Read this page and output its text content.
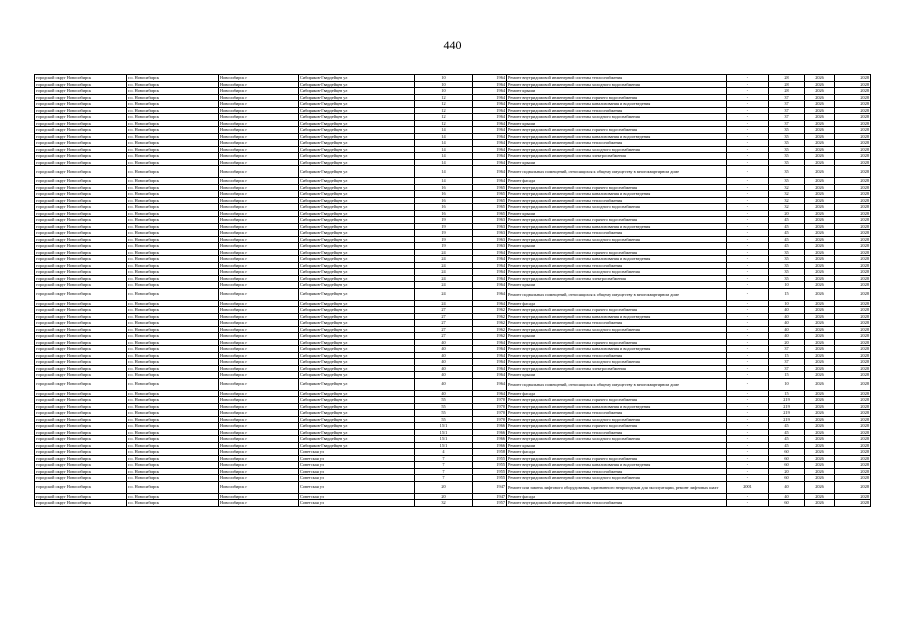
440
городской округ Новосибирск	г.о. Новосибирск	Новосибирск г	Сибиряков-Гвардейцев ул	10	1964	Ремонт внутридомовой инженерной системы теплоснабжения	-	28	2026	2028
городской округ Новосибирск	г.о. Новосибирск	Новосибирск г	Сибиряков-Гвардейцев ул	10	1964	Ремонт внутридомовой инженерной системы холодного водоснабжения	-	28	2026	2028
городской округ Новосибирск	г.о. Новосибирск	Новосибирск г	Сибиряков-Гвардейцев ул	10	1964	Ремонт крыши	-	28	2026	2028
городской округ Новосибирск	г.о. Новосибирск	Новосибирск г	Сибиряков-Гвардейцев ул	12	1964	Ремонт внутридомовой инженерной системы горячего водоснабжения	-	37	2026	2028
городской округ Новосибирск	г.о. Новосибирск	Новосибирск г	Сибиряков-Гвардейцев ул	12	1964	Ремонт внутридомовой инженерной системы канализования и водоотведения	-	37	2026	2028
городской округ Новосибирск	г.о. Новосибирск	Новосибирск г	Сибиряков-Гвардейцев ул	12	1964	Ремонт внутридомовой инженерной системы теплоснабжения	-	37	2026	2028
городской округ Новосибирск	г.о. Новосибирск	Новосибирск г	Сибиряков-Гвардейцев ул	12	1964	Ремонт внутридомовой инженерной системы холодного водоснабжения	-	37	2026	2028
городской округ Новосибирск	г.о. Новосибирск	Новосибирск г	Сибиряков-Гвардейцев ул	12	1964	Ремонт крыши	-	37	2026	2028
городской округ Новосибирск	г.о. Новосибирск	Новосибирск г	Сибиряков-Гвардейцев ул	14	1964	Ремонт внутридомовой инженерной системы горячего водоснабжения	-	35	2026	2028
городской округ Новосибирск	г.о. Новосибирск	Новосибирск г	Сибиряков-Гвардейцев ул	14	1964	Ремонт внутридомовой инженерной системы канализования и водоотведения	-	35	2026	2028
городской округ Новосибирск	г.о. Новосибирск	Новосибирск г	Сибиряков-Гвардейцев ул	14	1964	Ремонт внутридомовой инженерной системы теплоснабжения	-	35	2026	2028
городской округ Новосибирск	г.о. Новосибирск	Новосибирск г	Сибиряков-Гвардейцев ул	14	1964	Ремонт внутридомовой инженерной системы холодного водоснабжения	-	35	2026	2028
городской округ Новосибирск	г.о. Новосибирск	Новосибирск г	Сибиряков-Гвардейцев ул	14	1964	Ремонт внутридомовой инженерной системы электроснабжения	-	35	2026	2028
городской округ Новосибирск	г.о. Новосибирск	Новосибирск г	Сибиряков-Гвардейцев ул	14	1964	Ремонт крыши	-	35	2026	2028
городской округ Новосибирск	г.о. Новосибирск	Новосибирск г	Сибиряков-Гвардейцев ул	14	1964	Ремонт подвальных помещений, относящихся к общему имуществу в многоквартирном доме	-	35	2026	2028
городской округ Новосибирск	г.о. Новосибирск	Новосибирск г	Сибиряков-Гвардейцев ул	14	1964	Ремонт фасада	-	35	2026	2028
городской округ Новосибирск	г.о. Новосибирск	Новосибирск г	Сибиряков-Гвардейцев ул	16	1965	Ремонт внутридомовой инженерной системы горячего водоснабжения	-	32	2026	2028
городской округ Новосибирск	г.о. Новосибирск	Новосибирск г	Сибиряков-Гвардейцев ул	16	1965	Ремонт внутридомовой инженерной системы канализования и водоотведения	-	32	2026	2028
городской округ Новосибирск	г.о. Новосибирск	Новосибирск г	Сибиряков-Гвардейцев ул	16	1965	Ремонт внутридомовой инженерной системы теплоснабжения	-	32	2026	2028
городской округ Новосибирск	г.о. Новосибирск	Новосибирск г	Сибиряков-Гвардейцев ул	16	1965	Ремонт внутридомовой инженерной системы холодного водоснабжения	-	32	2026	2028
городской округ Новосибирск	г.о. Новосибирск	Новосибирск г	Сибиряков-Гвардейцев ул	16	1965	Ремонт крыши	-	20	2026	2028
городской округ Новосибирск	г.о. Новосибирск	Новосибирск г	Сибиряков-Гвардейцев ул	19	1963	Ремонт внутридомовой инженерной системы горячего водоснабжения	-	45	2026	2028
городской округ Новосибирск	г.о. Новосибирск	Новосибирск г	Сибиряков-Гвардейцев ул	19	1963	Ремонт внутридомовой инженерной системы канализования и водоотведения	-	45	2026	2028
городской округ Новосибирск	г.о. Новосибирск	Новосибирск г	Сибиряков-Гвардейцев ул	19	1963	Ремонт внутридомовой инженерной системы теплоснабжения	-	45	2026	2028
городской округ Новосибирск	г.о. Новосибирск	Новосибирск г	Сибиряков-Гвардейцев ул	19	1963	Ремонт внутридомовой инженерной системы холодного водоснабжения	-	45	2026	2028
городской округ Новосибирск	г.о. Новосибирск	Новосибирск г	Сибиряков-Гвардейцев ул	19	1963	Ремонт крыши	-	45	2026	2028
городской округ Новосибирск	г.о. Новосибирск	Новосибирск г	Сибиряков-Гвардейцев ул	24	1964	Ремонт внутридомовой инженерной системы горячего водоснабжения	-	35	2026	2028
городской округ Новосибирск	г.о. Новосибирск	Новосибирск г	Сибиряков-Гвардейцев ул	24	1964	Ремонт внутридомовой инженерной системы канализования и водоотведения	-	35	2026	2028
городской округ Новосибирск	г.о. Новосибирск	Новосибирск г	Сибиряков-Гвардейцев ул	24	1964	Ремонт внутридомовой инженерной системы теплоснабжения	-	35	2026	2028
городской округ Новосибирск	г.о. Новосибирск	Новосибирск г	Сибиряков-Гвардейцев ул	24	1964	Ремонт внутридомовой инженерной системы холодного водоснабжения	-	35	2026	2028
городской округ Новосибирск	г.о. Новосибирск	Новосибирск г	Сибиряков-Гвардейцев ул	24	1964	Ремонт внутридомовой инженерной системы электроснабжения	-	35	2026	2028
городской округ Новосибирск	г.о. Новосибирск	Новосибирск г	Сибиряков-Гвардейцев ул	24	1964	Ремонт крыши	-	10	2026	2028
городской округ Новосибирск	г.о. Новосибирск	Новосибирск г	Сибиряков-Гвардейцев ул	24	1964	Ремонт подвальных помещений, относящихся к общему имуществу в многоквартирном доме	-	15	2026	2028
городской округ Новосибирск	г.о. Новосибирск	Новосибирск г	Сибиряков-Гвардейцев ул	24	1964	Ремонт фасада	-	10	2026	2028
городской округ Новосибирск	г.о. Новосибирск	Новосибирск г	Сибиряков-Гвардейцев ул	27	1962	Ремонт внутридомовой инженерной системы горячего водоснабжения	-	40	2026	2028
городской округ Новосибирск	г.о. Новосибирск	Новосибирск г	Сибиряков-Гвардейцев ул	27	1962	Ремонт внутридомовой инженерной системы канализования и водоотведения	-	40	2026	2028
городской округ Новосибирск	г.о. Новосибирск	Новосибирск г	Сибиряков-Гвардейцев ул	27	1962	Ремонт внутридомовой инженерной системы теплоснабжения	-	40	2026	2028
городской округ Новосибирск	г.о. Новосибирск	Новосибирск г	Сибиряков-Гвардейцев ул	27	1962	Ремонт внутридомовой инженерной системы холодного водоснабжения	-	40	2026	2028
городской округ Новосибирск	г.о. Новосибирск	Новосибирск г	Сибиряков-Гвардейцев ул	27	1962	Ремонт крыши	-	40	2026	2028
городской округ Новосибирск	г.о. Новосибирск	Новосибирск г	Сибиряков-Гвардейцев ул	40	1964	Ремонт внутридомовой инженерной системы горячего водоснабжения	-	20	2026	2028
городской округ Новосибирск	г.о. Новосибирск	Новосибирск г	Сибиряков-Гвардейцев ул	40	1964	Ремонт внутридомовой инженерной системы канализования и водоотведения	-	37	2026	2028
городской округ Новосибирск	г.о. Новосибирск	Новосибирск г	Сибиряков-Гвардейцев ул	40	1964	Ремонт внутридомовой инженерной системы теплоснабжения	-	15	2026	2028
городской округ Новосибирск	г.о. Новосибирск	Новосибирск г	Сибиряков-Гвардейцев ул	40	1964	Ремонт внутридомовой инженерной системы холодного водоснабжения	-	37	2026	2028
городской округ Новосибирск	г.о. Новосибирск	Новосибирск г	Сибиряков-Гвардейцев ул	40	1964	Ремонт внутридомовой инженерной системы электроснабжения	-	37	2026	2028
городской округ Новосибирск	г.о. Новосибирск	Новосибирск г	Сибиряков-Гвардейцев ул	40	1964	Ремонт крыши	-	15	2026	2028
городской округ Новосибирск	г.о. Новосибирск	Новосибирск г	Сибиряков-Гвардейцев ул	40	1964	Ремонт подвальных помещений, относящихся к общему имуществу в многоквартирном доме	-	10	2026	2028
городской округ Новосибирск	г.о. Новосибирск	Новосибирск г	Сибиряков-Гвардейцев ул	40	1964	Ремонт фасада	-	15	2026	2028
городской округ Новосибирск	г.о. Новосибирск	Новосибирск г	Сибиряков-Гвардейцев ул	55	1970	Ремонт внутридомовой инженерной системы горячего водоснабжения	-	219	2026	2028
городской округ Новосибирск	г.о. Новосибирск	Новосибирск г	Сибиряков-Гвардейцев ул	55	1970	Ремонт внутридомовой инженерной системы канализования и водоотведения	-	219	2026	2028
городской округ Новосибирск	г.о. Новосибирск	Новосибирск г	Сибиряков-Гвардейцев ул	55	1970	Ремонт внутридомовой инженерной системы теплоснабжения	-	219	2026	2028
городской округ Новосибирск	г.о. Новосибирск	Новосибирск г	Сибиряков-Гвардейцев ул	55	1970	Ремонт внутридомовой инженерной системы холодного водоснабжения	-	219	2026	2028
городской округ Новосибирск	г.о. Новосибирск	Новосибирск г	Сибиряков-Гвардейцев ул	15/1	1966	Ремонт внутридомовой инженерной системы горячего водоснабжения	-	45	2026	2028
городской округ Новосибирск	г.о. Новосибирск	Новосибирск г	Сибиряков-Гвардейцев ул	15/1	1966	Ремонт внутридомовой инженерной системы теплоснабжения	-	45	2026	2028
городской округ Новосибирск	г.о. Новосибирск	Новосибирск г	Сибиряков-Гвардейцев ул	15/1	1966	Ремонт внутридомовой инженерной системы холодного водоснабжения	-	45	2026	2028
городской округ Новосибирск	г.о. Новосибирск	Новосибирск г	Сибиряков-Гвардейцев ул	15/1	1966	Ремонт крыши	-	45	2026	2028
городской округ Новосибирск	г.о. Новосибирск	Новосибирск г	Советская ул	4	1958	Ремонт фасада	-	60	2026	2028
городской округ Новосибирск	г.о. Новосибирск	Новосибирск г	Советская ул	7	1955	Ремонт внутридомовой инженерной системы горячего водоснабжения	-	60	2026	2028
городской округ Новосибирск	г.о. Новосибирск	Новосибирск г	Советская ул	7	1955	Ремонт внутридомовой инженерной системы канализования и водоотведения	-	60	2026	2028
городской округ Новосибирск	г.о. Новосибирск	Новосибирск г	Советская ул	7	1955	Ремонт внутридомовой инженерной системы теплоснабжения	-	20	2026	2028
городской округ Новосибирск	г.о. Новосибирск	Новосибирск г	Советская ул	7	1955	Ремонт внутридомовой инженерной системы холодного водоснабжения	-	60	2026	2028
городской округ Новосибирск	г.о. Новосибирск	Новосибирск г	Советская ул	20	1947	Ремонт или замена лифтового оборудования, признанного непригодным для эксплуатации, ремонт лифтовых шахт	2001	40	2026	2028
городской округ Новосибирск	г.о. Новосибирск	Новосибирск г	Советская ул	20	1947	Ремонт фасада	-	40	2026	2028
городской округ Новосибирск	г.о. Новосибирск	Новосибирск г	Советская ул	32	1957	Ремонт внутридомовой инженерной системы теплоснабжения	-	60	2026	2028
